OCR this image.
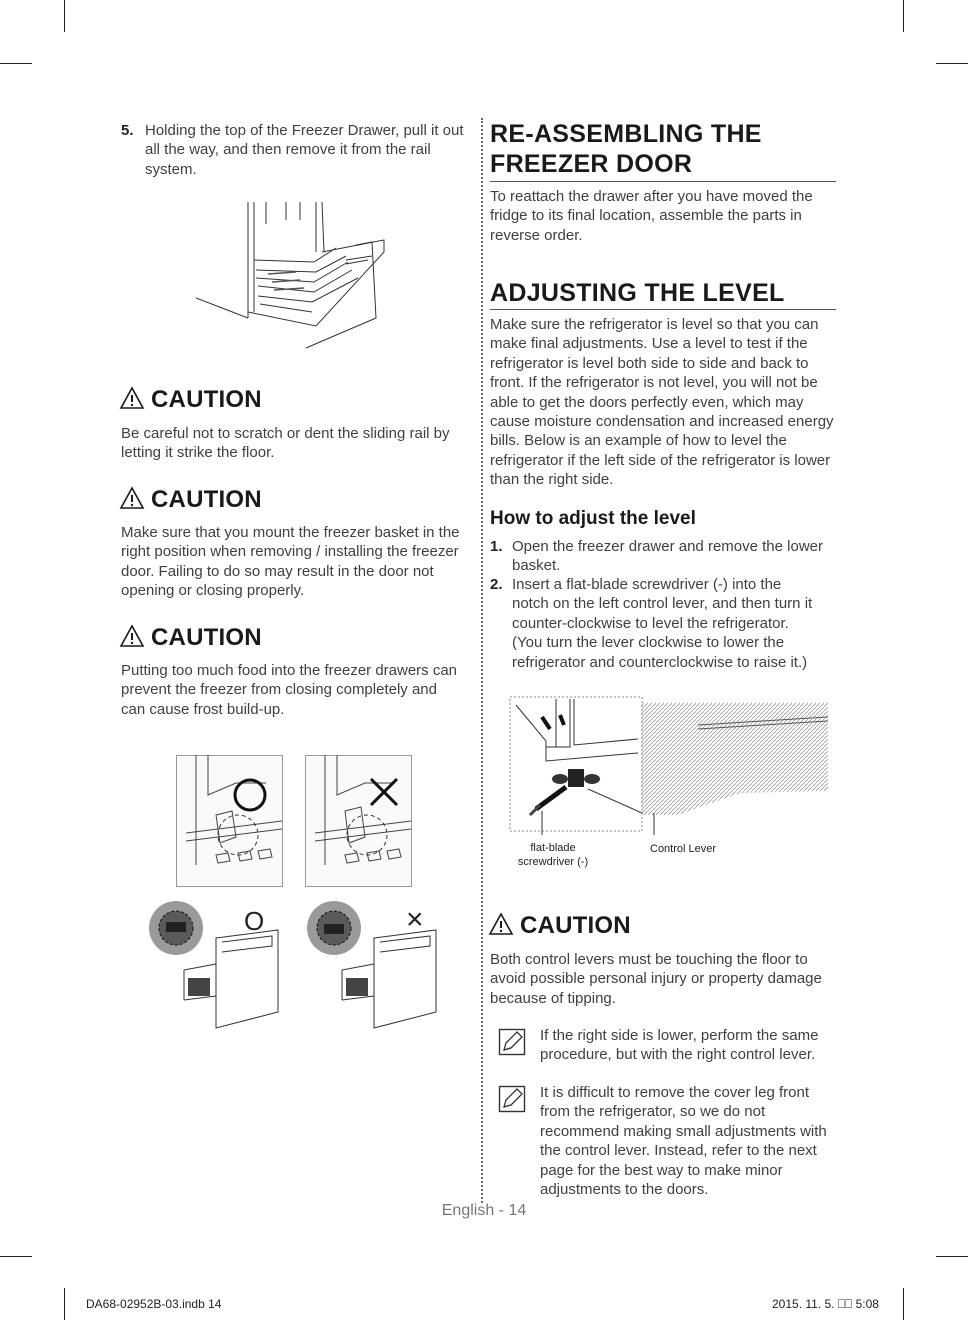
5. Holding the top of the Freezer Drawer, pull it out all the way, and then remove it from the rail system.
CAUTION
Be careful not to scratch or dent the sliding rail by letting it strike the floor.
CAUTION
Make sure that you mount the freezer basket in the right position when removing / installing the freezer door. Failing to do so may result in the door not opening or closing properly.
CAUTION
Putting too much food into the freezer drawers can prevent the freezer from closing completely and can cause frost build-up.
O	×
RE-ASSEMBLING THE
FREEZER DOOR
To reattach the drawer after you have moved the fridge to its final location, assemble the parts in reverse order.
ADJUSTING THE LEVEL
Make sure the refrigerator is level so that you can make final adjustments. Use a level to test if the refrigerator is level both side to side and back to front. If the refrigerator is not level, you will not be able to get the doors perfectly even, which may cause moisture condensation and increased energy bills. Below is an example of how to level the refrigerator if the left side of the refrigerator is lower than the right side.
How to adjust the level
1. Open the freezer drawer and remove the lower basket.
2. Insert a flat-blade screwdriver (-) into the notch on the left control lever, and then turn it counter-clockwise to level the refrigerator. (You turn the lever clockwise to lower the refrigerator and counterclockwise to raise it.)
flat-blade
screwdriver (-)
Control Lever
CAUTION
Both control levers must be touching the floor to avoid possible personal injury or property damage because of tipping.
If the right side is lower, perform the same procedure, but with the right control lever.
It is difficult to remove the cover leg front from the refrigerator, so we do not recommend making small adjustments with the control lever. Instead, refer to the next page for the best way to make minor adjustments to the doors.
English - 14
DA68-02952B-03.indb 14	2015. 11. 5. ⎕⎕ 5:08
